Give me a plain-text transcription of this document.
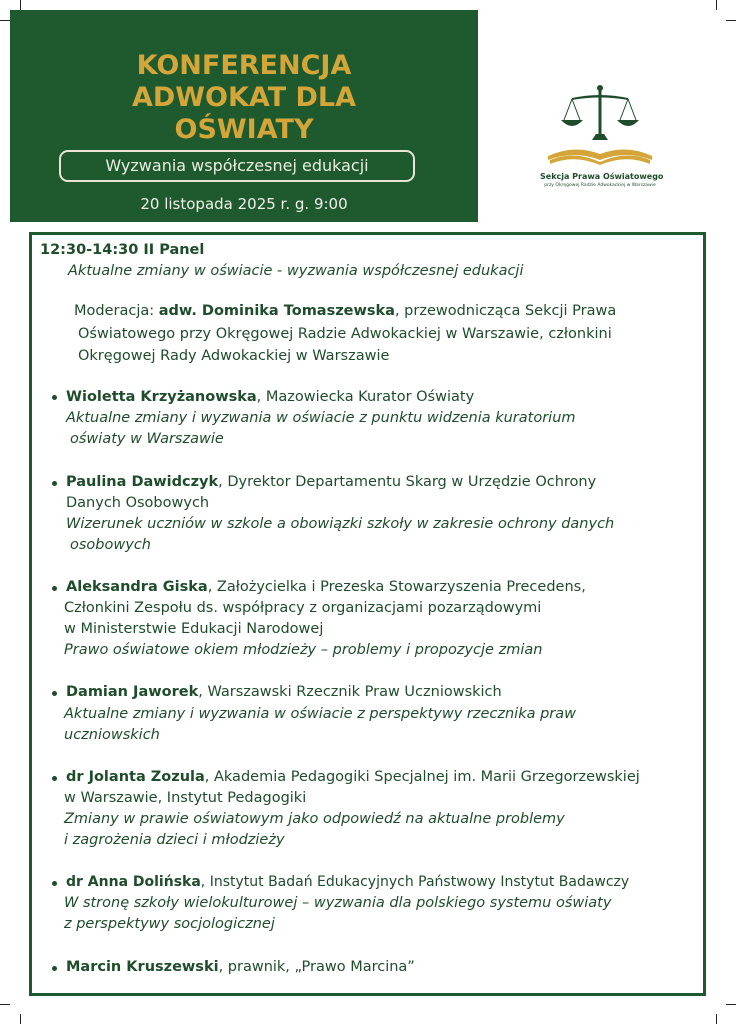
KONFERENCJA
ADWOKAT DLA
OŚWIATY
Wyzwania współczesnej edukacji
20 listopada 2025 r. g. 9:00
Sekcja Prawa Oświatowego
przy Okręgowej Radzie Adwokackiej w Warszawie
12:30-14:30 II Panel
Aktualne zmiany w oświacie - wyzwania współczesnej edukacji
Moderacja: adw. Dominika Tomaszewska, przewodnicząca Sekcji Prawa
Oświatowego przy Okręgowej Radzie Adwokackiej w Warszawie, członkini
Okręgowej Rady Adwokackiej w Warszawie
Wioletta Krzyżanowska, Mazowiecka Kurator Oświaty
Aktualne zmiany i wyzwania w oświacie z punktu widzenia kuratorium
oświaty w Warszawie
Paulina Dawidczyk, Dyrektor Departamentu Skarg w Urzędzie Ochrony
Danych Osobowych
Wizerunek uczniów w szkole a obowiązki szkoły w zakresie ochrony danych
osobowych
Aleksandra Giska, Założycielka i Prezeska Stowarzyszenia Precedens,
Członkini Zespołu ds. współpracy z organizacjami pozarządowymi
w Ministerstwie Edukacji Narodowej
Prawo oświatowe okiem młodzieży – problemy i propozycje zmian
Damian Jaworek, Warszawski Rzecznik Praw Uczniowskich
Aktualne zmiany i wyzwania w oświacie z perspektywy rzecznika praw
uczniowskich
dr Jolanta Zozula, Akademia Pedagogiki Specjalnej im. Marii Grzegorzewskiej
w Warszawie, Instytut Pedagogiki
Zmiany w prawie oświatowym jako odpowiedź na aktualne problemy
i zagrożenia dzieci i młodzieży
dr Anna Dolińska, Instytut Badań Edukacyjnych Państwowy Instytut Badawczy
W stronę szkoły wielokulturowej – wyzwania dla polskiego systemu oświaty
z perspektywy socjologicznej
Marcin Kruszewski, prawnik, „Prawo Marcina”
